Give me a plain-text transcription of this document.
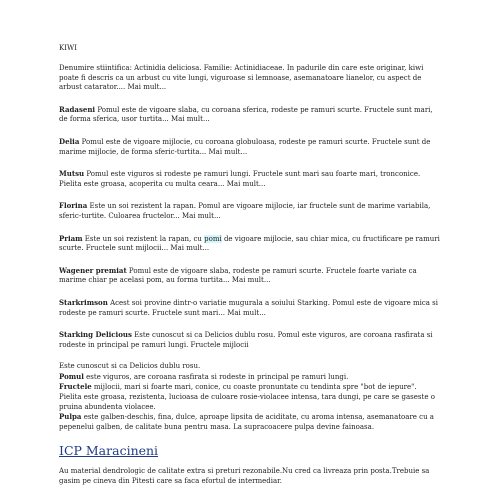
KIWI
Denumire stiintifica: Actinidia deliciosa. Familie: Actinidiaceae. In padurile din care este originar, kiwi poate fi descris ca un arbust cu vite lungi, viguroase si lemnoase, asemanatoare lianelor, cu aspect de arbust catarator.... Mai mult...
Radaseni Pomul este de vigoare slaba, cu coroana sferica, rodeste pe ramuri scurte. Fructele sunt mari, de forma sferica, usor turtita... Mai mult...
Delia Pomul este de vigoare mijlocie, cu coroana globuloasa, rodeste pe ramuri scurte. Fructele sunt de marime mijlocie, de forma sferic-turtita... Mai mult...
Mutsu Pomul este viguros si rodeste pe ramuri lungi. Fructele sunt mari sau foarte mari, tronconice. Pielita este groasa, acoperita cu multa ceara... Mai mult...
Florina Este un soi rezistent la rapan. Pomul are vigoare mijlocie, iar fructele sunt de marime variabila, sferic-turtite. Culoarea fructelor... Mai mult...
Priam Este un soi rezistent la rapan, cu pomi de vigoare mijlocie, sau chiar mica, cu fructificare pe ramuri scurte. Fructele sunt mijlocii... Mai mult...
Wagener premiat Pomul este de vigoare slaba, rodeste pe ramuri scurte. Fructele foarte variate ca marime chiar pe acelasi pom, au forma turtita... Mai mult...
Starkrimson Acest soi provine dintr-o variatie mugurala a soiului Starking. Pomul este de vigoare mica si rodeste pe ramuri scurte. Fructele sunt mari... Mai mult...
Starking Delicious Este cunoscut si ca Delicios dublu rosu. Pomul este viguros, are coroana rasfirata si rodeste in principal pe ramuri lungi. Fructele mijlocii
Este cunoscut si ca Delicios dublu rosu.
Pomul este viguros, are coroana rasfirata si rodeste in principal pe ramuri lungi.
Fructele mijlocii, mari si foarte mari, conice, cu coaste pronuntate cu tendinta spre "bot de iepure". Pielita este groasa, rezistenta, lucioasa de culoare rosie-violacee intensa, tara dungi, pe care se gaseste o pruina abundenta violacee.
Pulpa este galben-deschis, fina, dulce, aproape lipsita de aciditate, cu aroma intensa, asemanatoare cu a pepenelui galben, de calitate buna pentru masa. La supracoacere pulpa devine fainoasa.
ICP Maracineni
Au material dendrologic de calitate extra si preturi rezonabile.Nu cred ca livreaza prin posta.Trebuie sa gasim pe cineva din Pitesti care sa faca efortul de intermediar.
